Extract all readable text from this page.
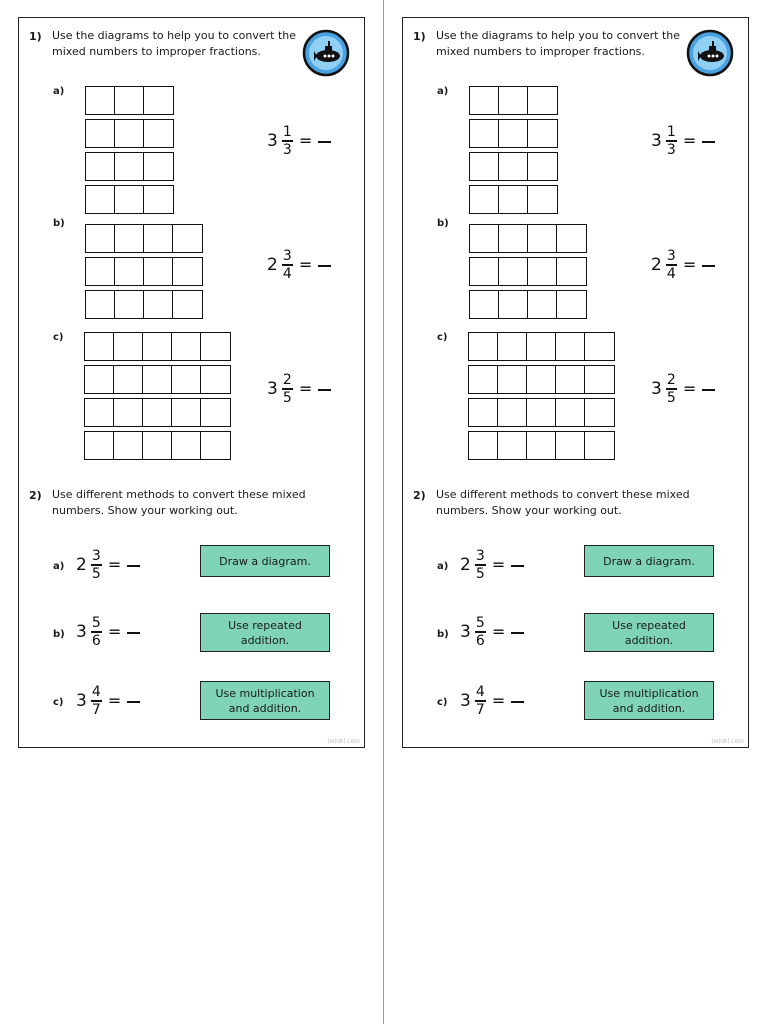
1) Use the diagrams to help you to convert the mixed numbers to improper fractions.
a)
$3 \frac{1}{3}$ =
b)
$2 \frac{3}{4}$ =
c)
$3 \frac{2}{5}$ =
2) Use different methods to convert these mixed numbers. Show your working out.
a) $2 \frac{3}{5}$ =	Draw a diagram.
b) $3 \frac{5}{6}$ =	Use repeated addition.
c) $3 \frac{4}{7}$ =	Use multiplication and addition.
twinkl.com
1) Use the diagrams to help you to convert the mixed numbers to improper fractions.
a)
$3 \frac{1}{3}$ =
b)
$2 \frac{3}{4}$ =
c)
$3 \frac{2}{5}$ =
2) Use different methods to convert these mixed numbers. Show your working out.
a) $2 \frac{3}{5}$ =	Draw a diagram.
b) $3 \frac{5}{6}$ =	Use repeated addition.
c) $3 \frac{4}{7}$ =	Use multiplication and addition.
twinkl.com
